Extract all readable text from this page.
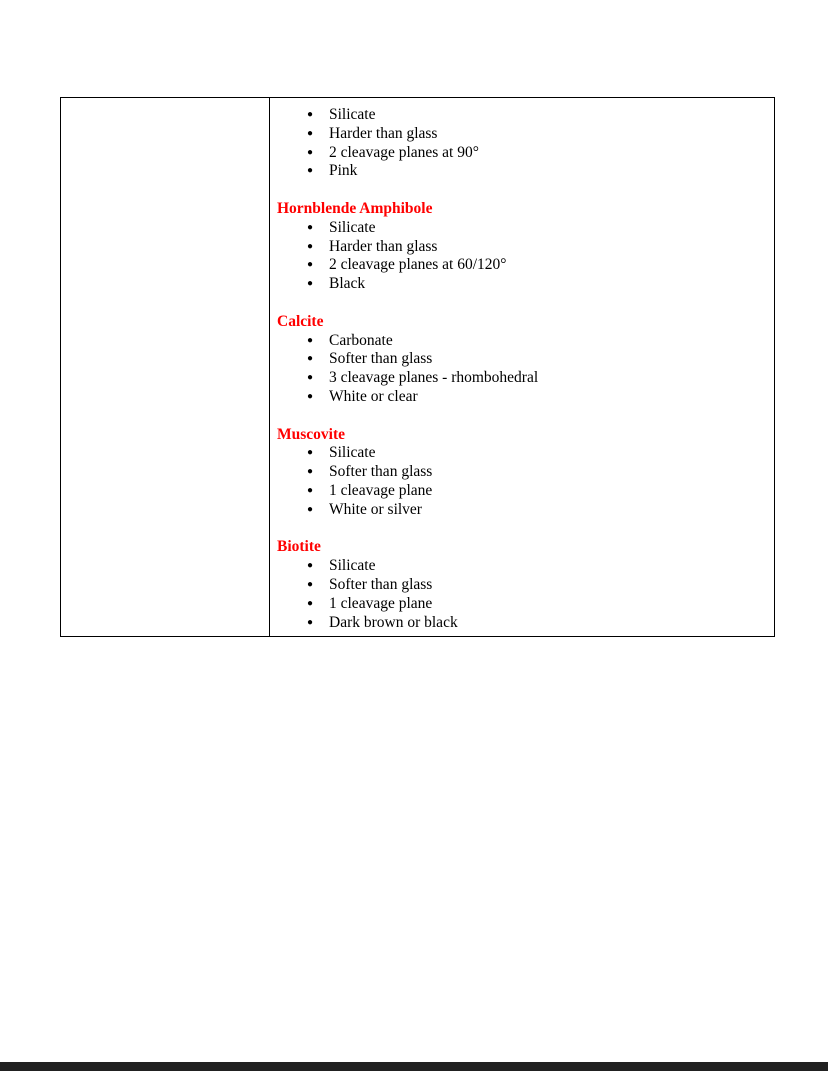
● Silicate
● Harder than glass
● 2 cleavage planes at 90°
● Pink
Hornblende Amphibole
● Silicate
● Harder than glass
● 2 cleavage planes at 60/120°
● Black
Calcite
● Carbonate
● Softer than glass
● 3 cleavage planes - rhombohedral
● White or clear
Muscovite
● Silicate
● Softer than glass
● 1 cleavage plane
● White or silver
Biotite
● Silicate
● Softer than glass
● 1 cleavage plane
● Dark brown or black
